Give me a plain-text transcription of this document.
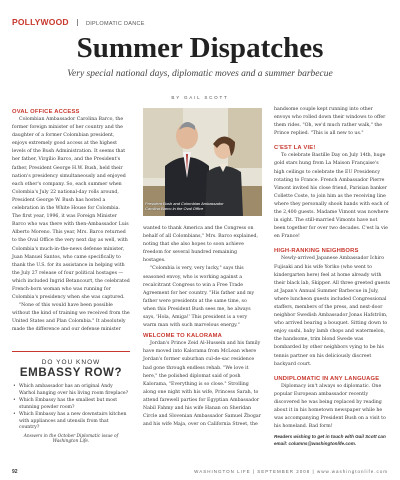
POLLYWOOD	DIPLOMATIC DANCE
Summer Dispatches
Very special national days, diplomatic moves and a summer barbecue
BY GAIL SCOTT
OVAL OFFICE ACCESS

Colombian Ambassador Carolina Barco, the former foreign minister of her country and the daughter of a former Colombian president, enjoys extremely good access at the highest levels of the Bush Administration. It seems that her father, Virgilio Barco, and the President's father, President George H.W. Bush, held their nation's presidency simultaneously and enjoyed each other's company. So, each summer when Colombia's July 22 national-day rolls around, President George W. Bush has hosted a celebration in the White House for Colombia. The first year, 1996, it was Foreign Minister Barco who was there with then-Ambassador Luis Alberto Moreno. This year, Mrs. Barco returned to the Oval Office the very next day as well, with Colombia's much-in-the-news defense minister, Juan Manuel Santos, who came specifically to thank the U.S. for its assistance in helping with the July 27 release of four political hostages — which included Ingrid Betancourt, the celebrated French-born woman who was running for Colombia's presidency when she was captured.

"None of this would have been possible without the kind of training we received from the United States and Plan Colombia." It absolutely made the difference and our defense minister

DO YOU KNOW
EMBASSY ROW?
• Which ambassador has an original Andy Warhol hanging over his living room fireplace?
• Which Embassy has the smallest but most stunning powder room?
• Which Embassy has a new downstairs kitchen with appliances and utensils from that country?
Answers in the October Diplomatic issue of Washington Life.
President Bush and Colombian Ambassador Carolina Barco in the Oval Office

wanted to thank America and the Congress on behalf of all Colombians," Mrs. Barco explained, noting that she also hopes to soon achieve freedom for several hundred remaining hostages.

"Colombia is very, very lucky," says this seasoned envoy, who is working against a recalcitrant Congress to win a Free Trade Agreement for her country. "His father and my father were presidents at the same time, so when this President Bush sees me, he always says, 'Hola, Amiga!' This president is a very warm man with such marvelous energy."

WELCOME TO KALORAMA

Jordan's Prince Zeid Al-Hussein and his family have moved into Kalorama from McLean where Jordan's former suburban cul-de-sac residence had gone through endless rehab. "We love it here," the polished diplomat said of posh Kalorama, "Everything is so close." Strolling along one night with his wife, Princess Sarah, to attend farewell parties for Egyptian Ambassador Nabil Fahmy and his wife Hanan on Sheridan Circle and Slovenian Ambassador Samuel Žbogar and his wife Maja, over on California Street, the

handsome couple kept running into other envoys who rolled down their windows to offer them rides. "Oh, we'd much rather walk," the Prince replied. "This is all new to us."

C'EST LA VIE!

To celebrate Bastille Day on July 14th, huge gold stars hung from La Maison Française's high ceilings to celebrate the EU Presidency rotating to France. French Ambassador Pierre Vimont invited his close friend, Parisian banker Collette Coste, to join him as the receiving line where they personally shook hands with each of the 2,400 guests. Madame Vimont was nowhere in sight. The still-married Vimonts have not been together for over two decades. C'est la vie en France!

HIGH-RANKING NEIGHBORS

Newly-arrived Japanese Ambassador Ichiro Fujisaki and his wife Yoriko (who went to kindergarten here) feel at home already with their black lab, Skipper. All three greeted guests at Japan's Annual Summer Barbecue in July, where luncheon guests included Congressional staffers, members of the press, and next-door neighbor Swedish Ambassador Jonas Hafström, who arrived bearing a bouquet. Sitting down to enjoy sushi, baby lamb chops and watermelon, the handsome, trim blond Swede was bombarded by other neighbors vying to be his tennis partner on his deliciously discreet backyard court.

UNDIPLOMATIC IN ANY LANGUAGE

Diplomacy isn't always so diplomatic. One popular European ambassador recently discovered he was being replaced by reading about it in his hometown newspaper while he was accompanying President Bush on a visit to his homeland. Bad form!

Readers wishing to get in touch with Gail Scott can email: columns@washingtonlife.com.
92	WASHINGTON LIFE | SEPTEMBER 2008 | www.washingtonlife.com
